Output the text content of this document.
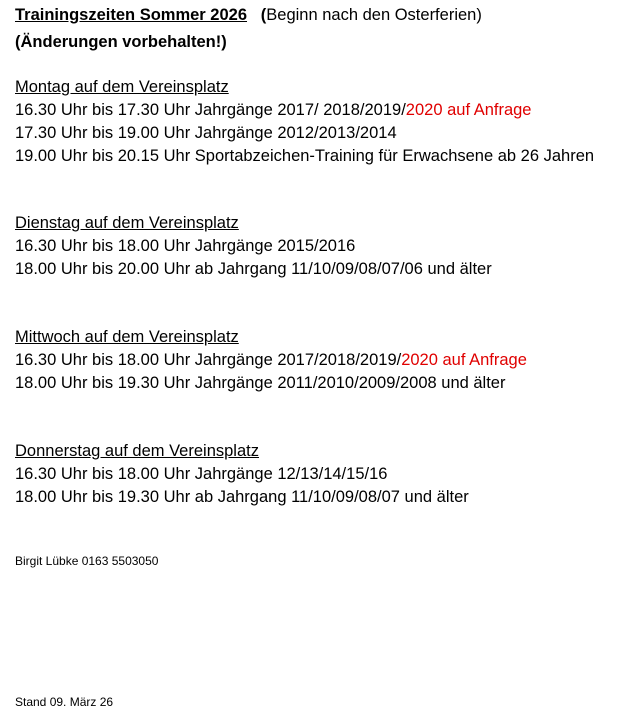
Trainingszeiten Sommer 2026 (Beginn nach den Osterferien)
(Änderungen vorbehalten!)
Montag auf dem Vereinsplatz
16.30 Uhr bis 17.30 Uhr Jahrgänge 2017/ 2018/2019/2020 auf Anfrage
17.30 Uhr bis 19.00 Uhr Jahrgänge 2012/2013/2014
19.00 Uhr bis 20.15 Uhr Sportabzeichen-Training für Erwachsene ab 26 Jahren
Dienstag auf dem Vereinsplatz
16.30 Uhr bis 18.00 Uhr Jahrgänge 2015/2016
18.00 Uhr bis 20.00 Uhr ab Jahrgang 11/10/09/08/07/06 und älter
Mittwoch auf dem Vereinsplatz
16.30 Uhr bis 18.00 Uhr Jahrgänge 2017/2018/2019/2020 auf Anfrage
18.00 Uhr bis 19.30 Uhr Jahrgänge 2011/2010/2009/2008 und älter
Donnerstag auf dem Vereinsplatz
16.30 Uhr bis 18.00 Uhr Jahrgänge 12/13/14/15/16
18.00 Uhr bis 19.30 Uhr ab Jahrgang 11/10/09/08/07 und älter
Birgit Lübke 0163 5503050
Stand 09. März 26
